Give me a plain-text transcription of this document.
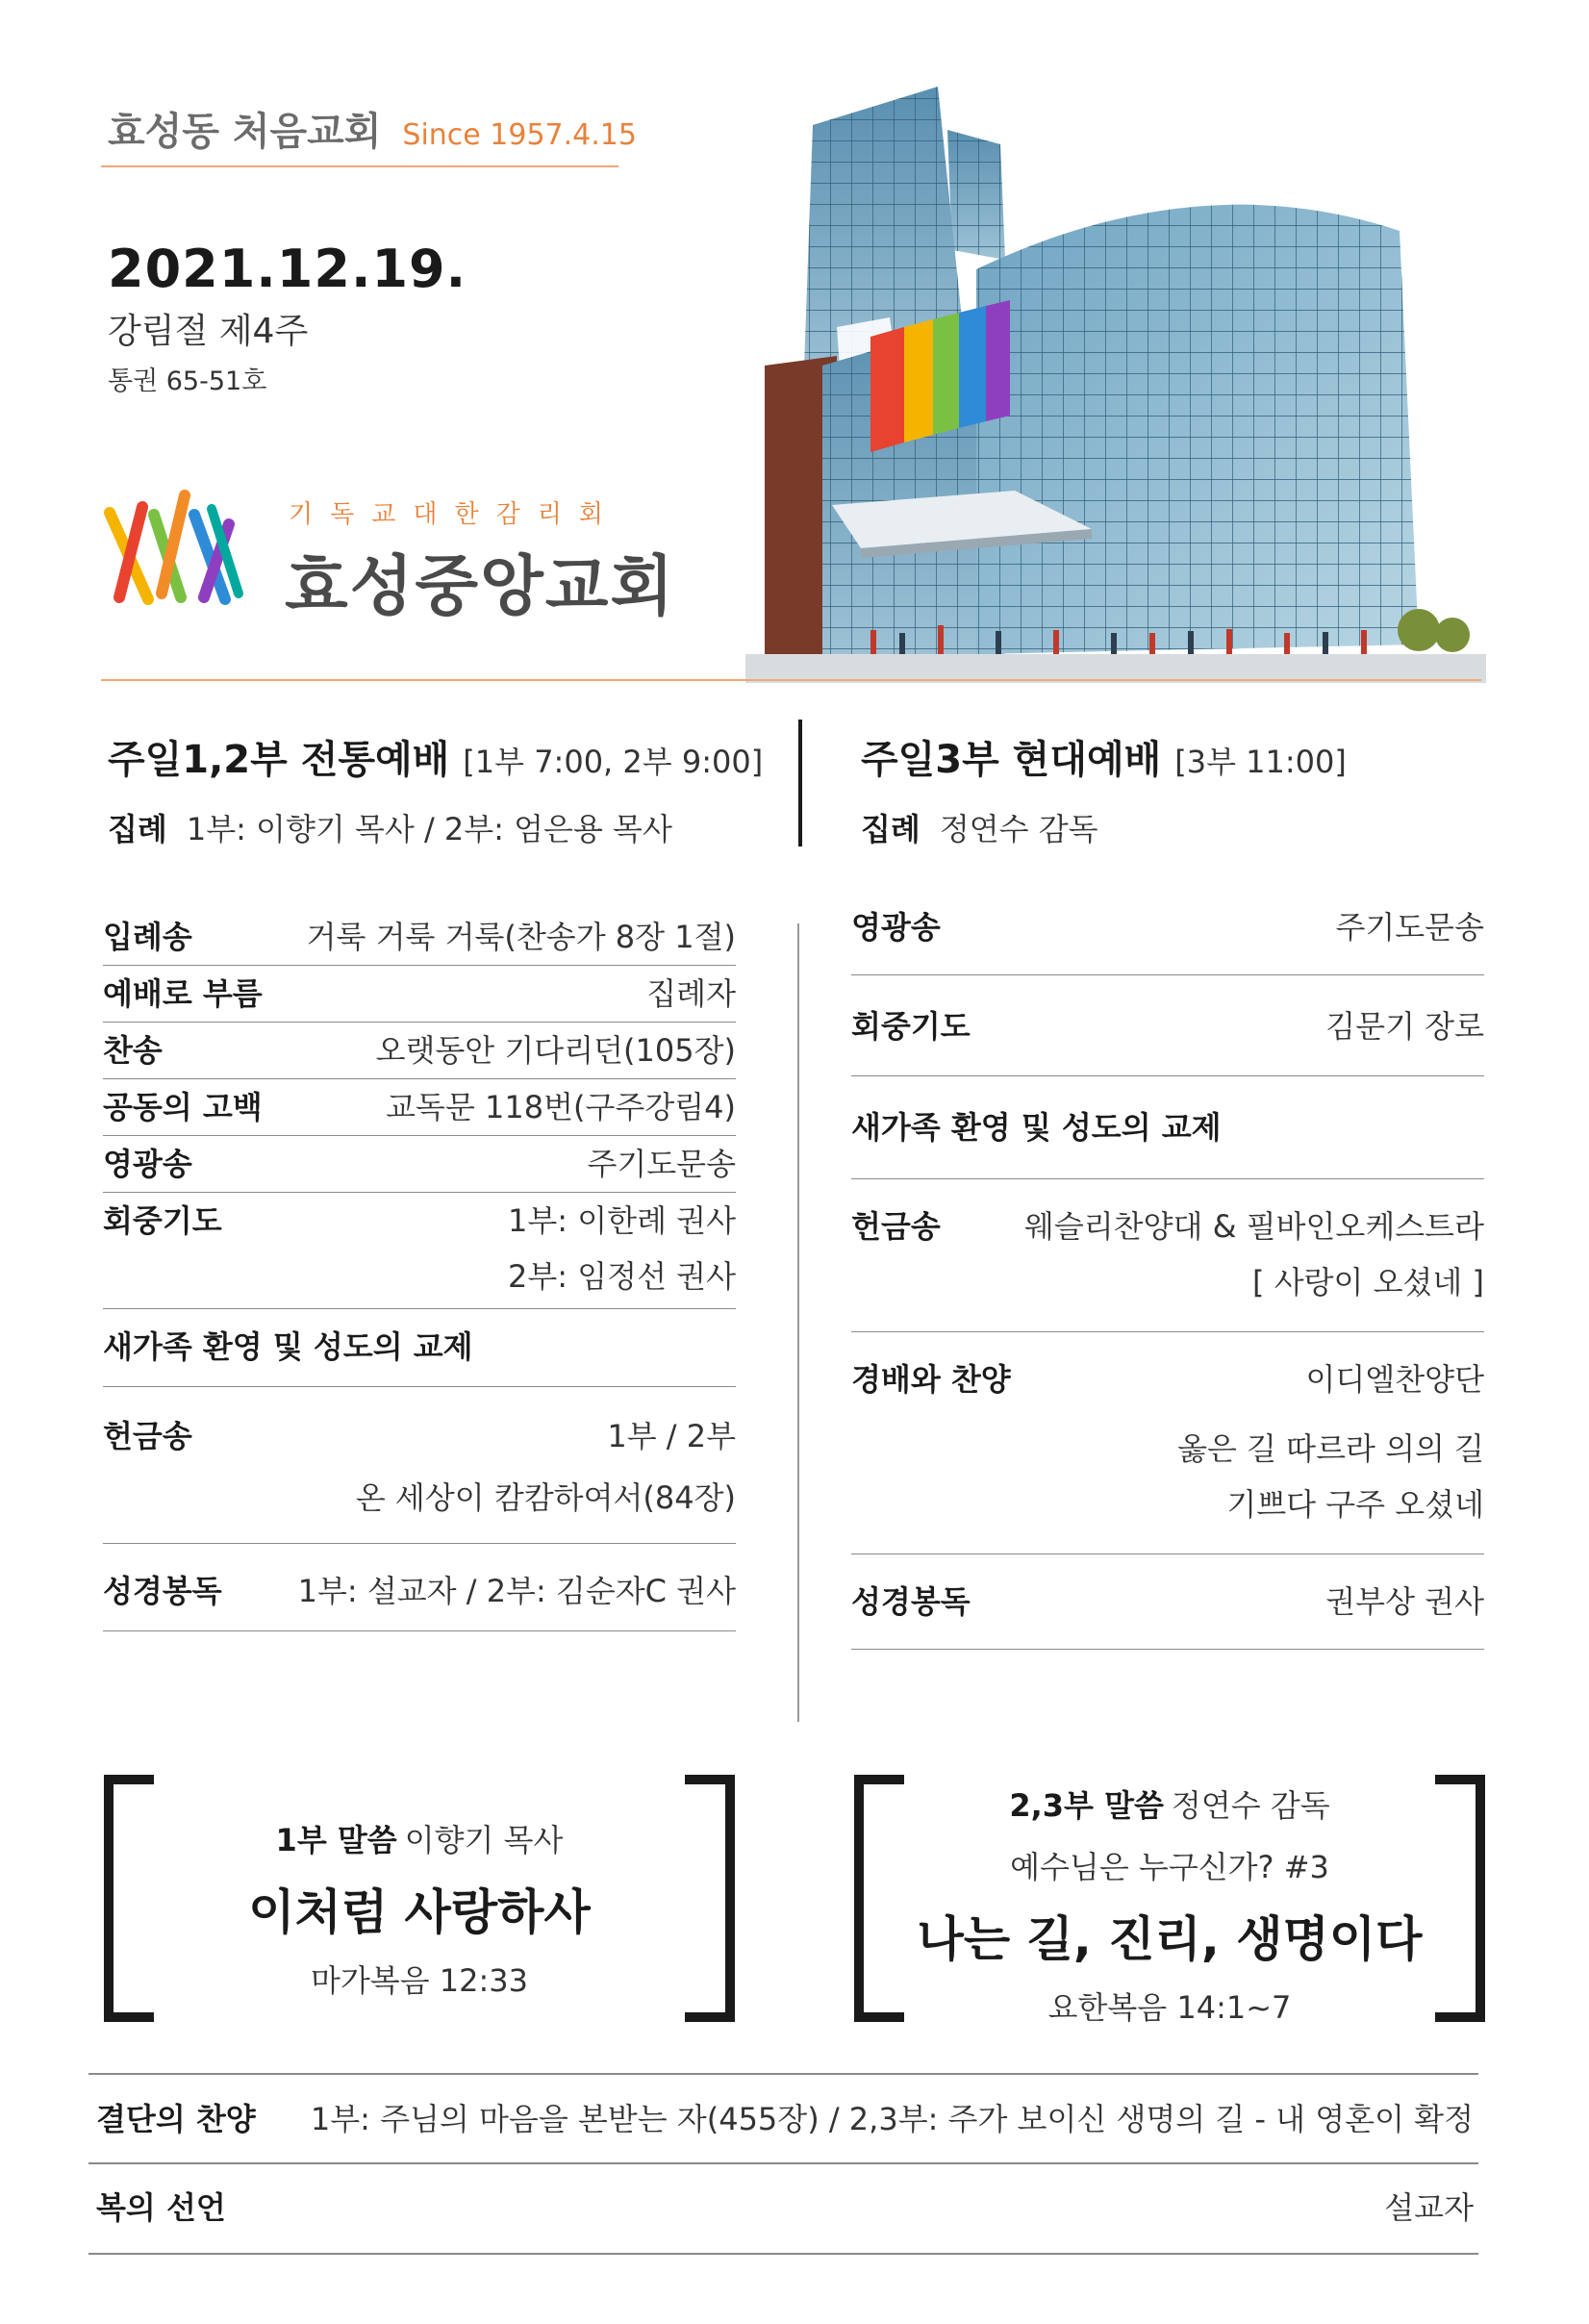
효성동 처음교회 Since 1957.4.15
2021.12.19.
강림절 제4주
통권 65-51호
기독교대한감리회
효성중앙교회
주일1,2부 전통예배 [1부 7:00, 2부 9:00]
집례 1부: 이향기 목사 / 2부: 엄은용 목사
주일3부 현대예배 [3부 11:00]
집례 정연수 감독
입례송	거룩 거룩 거룩(찬송가 8장 1절)
예배로 부름	집례자
찬송	오랫동안 기다리던(105장)
공동의 고백	교독문 118번(구주강림4)
영광송	주기도문송
회중기도	1부: 이한례 권사
2부: 임정선 권사
새가족 환영 및 성도의 교제
헌금송	1부 / 2부
온 세상이 캄캄하여서(84장)
성경봉독 1부: 설교자 / 2부: 김순자C 권사
영광송	주기도문송
회중기도	김문기 장로
새가족 환영 및 성도의 교제
헌금송	웨슬리찬양대 & 필바인오케스트라
[ 사랑이 오셨네 ]
경배와 찬양	이디엘찬양단
옳은 길 따르라 의의 길
기쁘다 구주 오셨네
성경봉독	권부상 권사
1부 말씀 이향기 목사
이처럼 사랑하사
마가복음 12:33
2,3부 말씀 정연수 감독
예수님은 누구신가? #3
나는 길, 진리, 생명이다
요한복음 14:1~7
결단의 찬양 1부: 주님의 마음을 본받는 자(455장) / 2,3부: 주가 보이신 생명의 길 - 내 영혼이 확정
복의 선언	설교자
